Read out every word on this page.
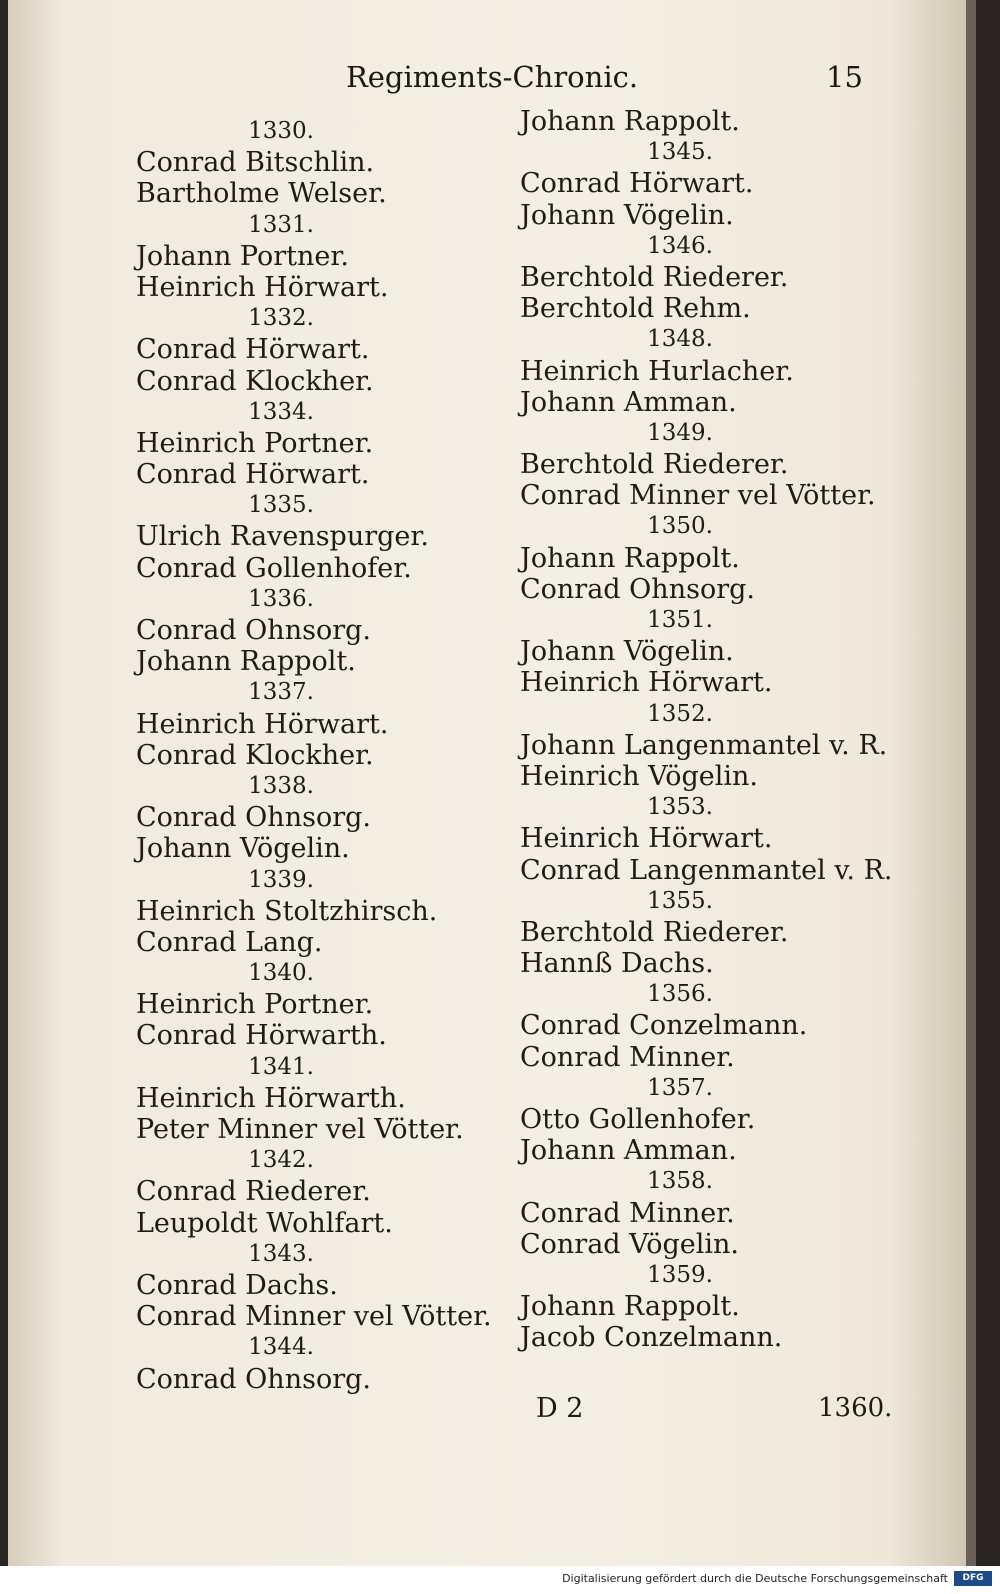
Regiments-Chronic.	15
1330.
Conrad Bitschlin.
Bartholme Welser.
1331.
Johann Portner.
Heinrich Hörwart.
1332.
Conrad Hörwart.
Conrad Klockher.
1334.
Heinrich Portner.
Conrad Hörwart.
1335.
Ulrich Ravenspurger.
Conrad Gollenhofer.
1336.
Conrad Ohnsorg.
Johann Rappolt.
1337.
Heinrich Hörwart.
Conrad Klockher.
1338.
Conrad Ohnsorg.
Johann Vögelin.
1339.
Heinrich Stoltzhirsch.
Conrad Lang.
1340.
Heinrich Portner.
Conrad Hörwarth.
1341.
Heinrich Hörwarth.
Peter Minner vel Vötter.
1342.
Conrad Riederer.
Leupoldt Wohlfart.
1343.
Conrad Dachs.
Conrad Minner vel Vötter.
1344.
Conrad Ohnsorg.
Johann Rappolt.
1345.
Conrad Hörwart.
Johann Vögelin.
1346.
Berchtold Riederer.
Berchtold Rehm.
1348.
Heinrich Hurlacher.
Johann Amman.
1349.
Berchtold Riederer.
Conrad Minner vel Vötter.
1350.
Johann Rappolt.
Conrad Ohnsorg.
1351.
Johann Vögelin.
Heinrich Hörwart.
1352.
Johann Langenmantel v. R.
Heinrich Vögelin.
1353.
Heinrich Hörwart.
Conrad Langenmantel v. R.
1355.
Berchtold Riederer.
Hannß Dachs.
1356.
Conrad Conzelmann.
Conrad Minner.
1357.
Otto Gollenhofer.
Johann Amman.
1358.
Conrad Minner.
Conrad Vögelin.
1359.
Johann Rappolt.
Jacob Conzelmann.
D 2	1360.
Digitalisierung gefördert durch die Deutsche Forschungsgemeinschaft	DFG
